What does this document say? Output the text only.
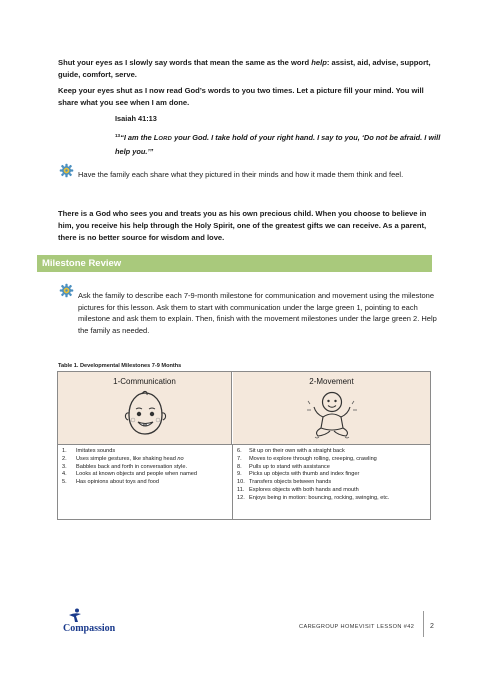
Shut your eyes as I slowly say words that mean the same as the word help: assist, aid, advise, support, guide, comfort, serve.

Keep your eyes shut as I now read God’s words to you two times. Let a picture fill your mind. You will share what you see when I am done.

Isaiah 41:13
$^{13}$“I am the LORD your God. I take hold of your right hand. I say to you, ‘Do not be afraid. I will help you.’”

Have the family each share what they pictured in their minds and how it made them think and feel.

There is a God who sees you and treats you as his own precious child. When you choose to believe in him, you receive his help through the Holy Spirit, one of the greatest gifts we can receive. As a parent, there is no better source for wisdom and love.

Milestone Review

Ask the family to describe each 7-9-month milestone for communication and movement using the milestone pictures for this lesson. Ask them to start with communication under the large green 1, pointing to each milestone and ask them to explain. Then, finish with the movement milestones under the large green 2. Help the family as needed.

Table 1. Developmental Milestones 7-9 Months
1-Communication	2-Movement
1.	Imitates sounds
2.	Uses simple gestures, like shaking head no
3.	Babbles back and forth in conversation style.
4.	Looks at known objects and people when named
5.	Has opinions about toys and food
6.	Sit up on their own with a straight back
7.	Moves to explore through rolling, creeping, crawling
8.	Pulls up to stand with assistance
9.	Picks up objects with thumb and index finger
10. Transfers objects between hands
11. Explores objects with both hands and mouth
12. Enjoys being in motion: bouncing, rocking, swinging, etc.
Compassion	CAREGROUP HOMEVISIT LESSON #42 2
